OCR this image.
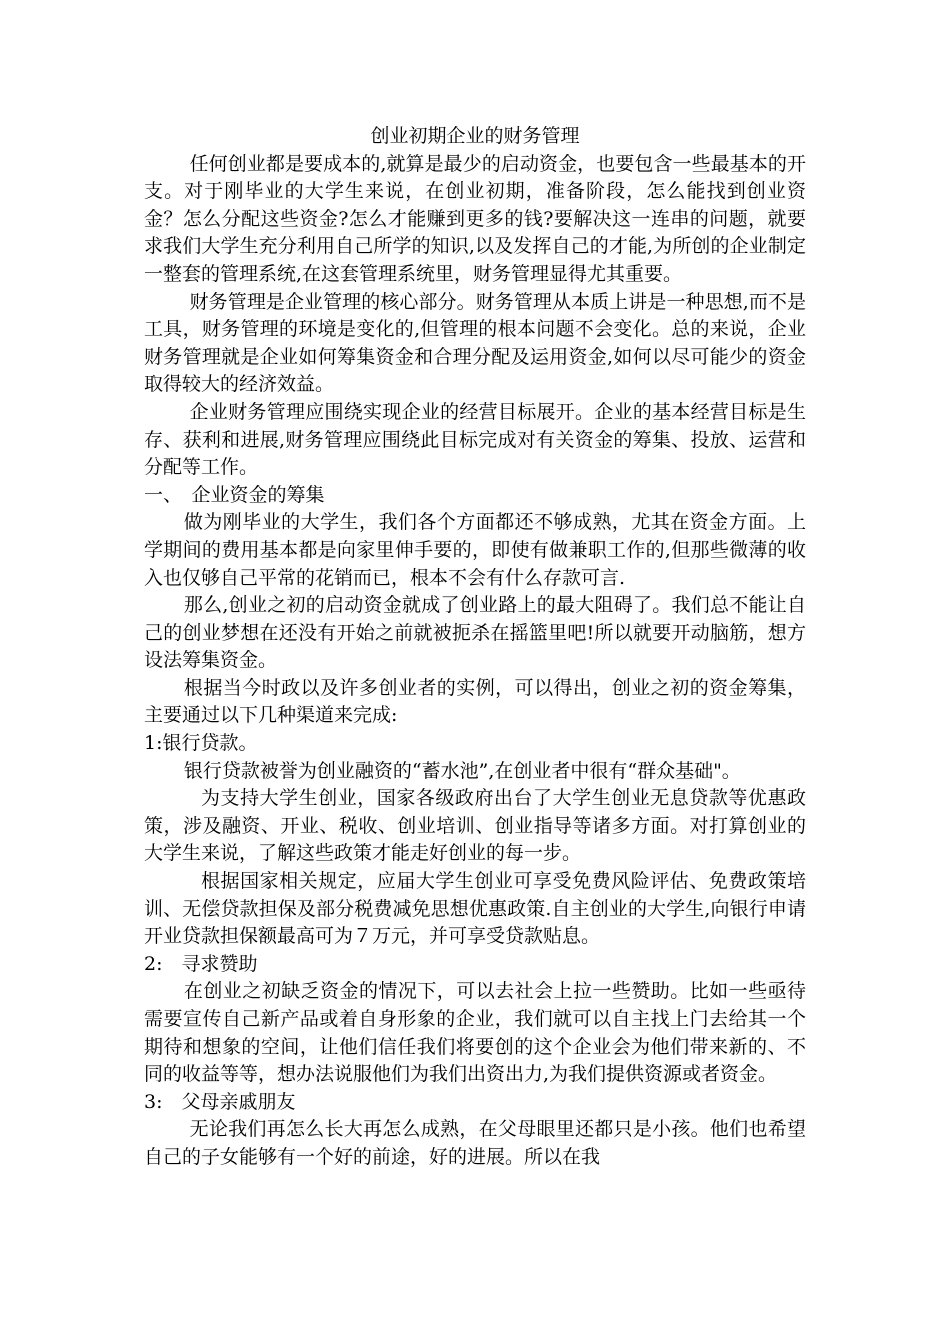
创业初期企业的财务管理

任何创业都是要成本的,就算是最少的启动资金，也要包含一些最基本的开支。对于刚毕业的大学生来说，在创业初期，准备阶段，怎么能找到创业资金？怎么分配这些资金?怎么才能赚到更多的钱?要解决这一连串的问题，就要求我们大学生充分利用自己所学的知识,以及发挥自己的才能,为所创的企业制定一整套的管理系统,在这套管理系统里，财务管理显得尤其重要。

财务管理是企业管理的核心部分。财务管理从本质上讲是一种思想,而不是工具，财务管理的环境是变化的,但管理的根本问题不会变化。总的来说，企业财务管理就是企业如何筹集资金和合理分配及运用资金,如何以尽可能少的资金取得较大的经济效益。

企业财务管理应围绕实现企业的经营目标展开。企业的基本经营目标是生存、获利和进展,财务管理应围绕此目标完成对有关资金的筹集、投放、运营和分配等工作。

一、　企业资金的筹集

做为刚毕业的大学生，我们各个方面都还不够成熟，尤其在资金方面。上学期间的费用基本都是向家里伸手要的，即使有做兼职工作的,但那些微薄的收入也仅够自己平常的花销而已，根本不会有什么存款可言.

那么,创业之初的启动资金就成了创业路上的最大阻碍了。我们总不能让自己的创业梦想在还没有开始之前就被扼杀在摇篮里吧!所以就要开动脑筋，想方设法筹集资金。

根据当今时政以及许多创业者的实例，可以得出，创业之初的资金筹集，主要通过以下几种渠道来完成:

1:银行贷款。

银行贷款被誉为创业融资的“蓄水池”,在创业者中很有“群众基础"。

为支持大学生创业，国家各级政府出台了大学生创业无息贷款等优惠政策，涉及融资、开业、税收、创业培训、创业指导等诸多方面。对打算创业的大学生来说，了解这些政策才能走好创业的每一步。

根据国家相关规定，应届大学生创业可享受免费风险评估、免费政策培训、无偿贷款担保及部分税费减免思想优惠政策.自主创业的大学生,向银行申请开业贷款担保额最高可为７万元，并可享受贷款贴息。

2:　寻求赞助

在创业之初缺乏资金的情况下，可以去社会上拉一些赞助。比如一些亟待需要宣传自己新产品或着自身形象的企业，我们就可以自主找上门去给其一个期待和想象的空间，让他们信任我们将要创的这个企业会为他们带来新的、不同的收益等等，想办法说服他们为我们出资出力,为我们提供资源或者资金。

3:　父母亲戚朋友

无论我们再怎么长大再怎么成熟，在父母眼里还都只是小孩。他们也希望自己的子女能够有一个好的前途，好的进展。所以在我
